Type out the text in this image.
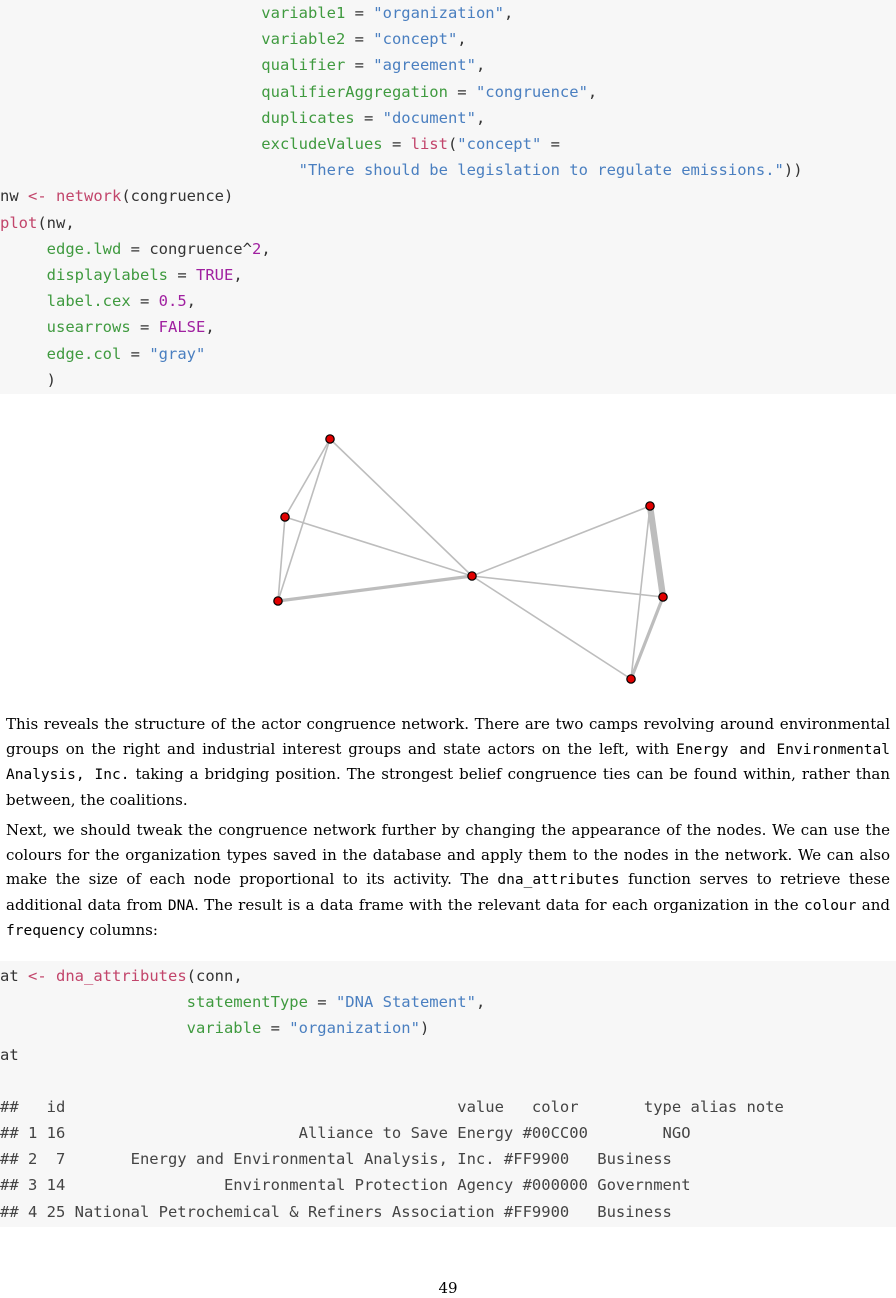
variable1 = "organization",
variable2 = "concept",
qualifier = "agreement",
qualifierAggregation = "congruence",
duplicates = "document",
excludeValues = list("concept" =
"There should be legislation to regulate emissions."))
nw <- network(congruence)
plot(nw,
edge.lwd = congruence^2,
displaylabels = TRUE,
label.cex = 0.5,
usearrows = FALSE,
edge.col = "gray"
)

This reveals the structure of the actor congruence network. There are two camps revolving around environmental groups on the right and industrial interest groups and state actors on the left, with Energy and Environmental Analysis, Inc. taking a bridging position. The strongest belief congruence ties can be found within, rather than between, the coalitions.

Next, we should tweak the congruence network further by changing the appearance of the nodes. We can use the colours for the organization types saved in the database and apply them to the nodes in the network. We can also make the size of each node proportional to its activity. The dna_attributes function serves to retrieve these additional data from DNA. The result is a data frame with the relevant data for each organization in the colour and frequency columns:

at <- dna_attributes(conn,
statementType = "DNA Statement",
variable = "organization")
at
##   id                                          value   color       type alias note
## 1 16                         Alliance to Save Energy #00CC00        NGO
## 2  7       Energy and Environmental Analysis, Inc. #FF9900   Business
## 3 14                 Environmental Protection Agency #000000 Government
## 4 25 National Petrochemical & Refiners Association #FF9900   Business
49
